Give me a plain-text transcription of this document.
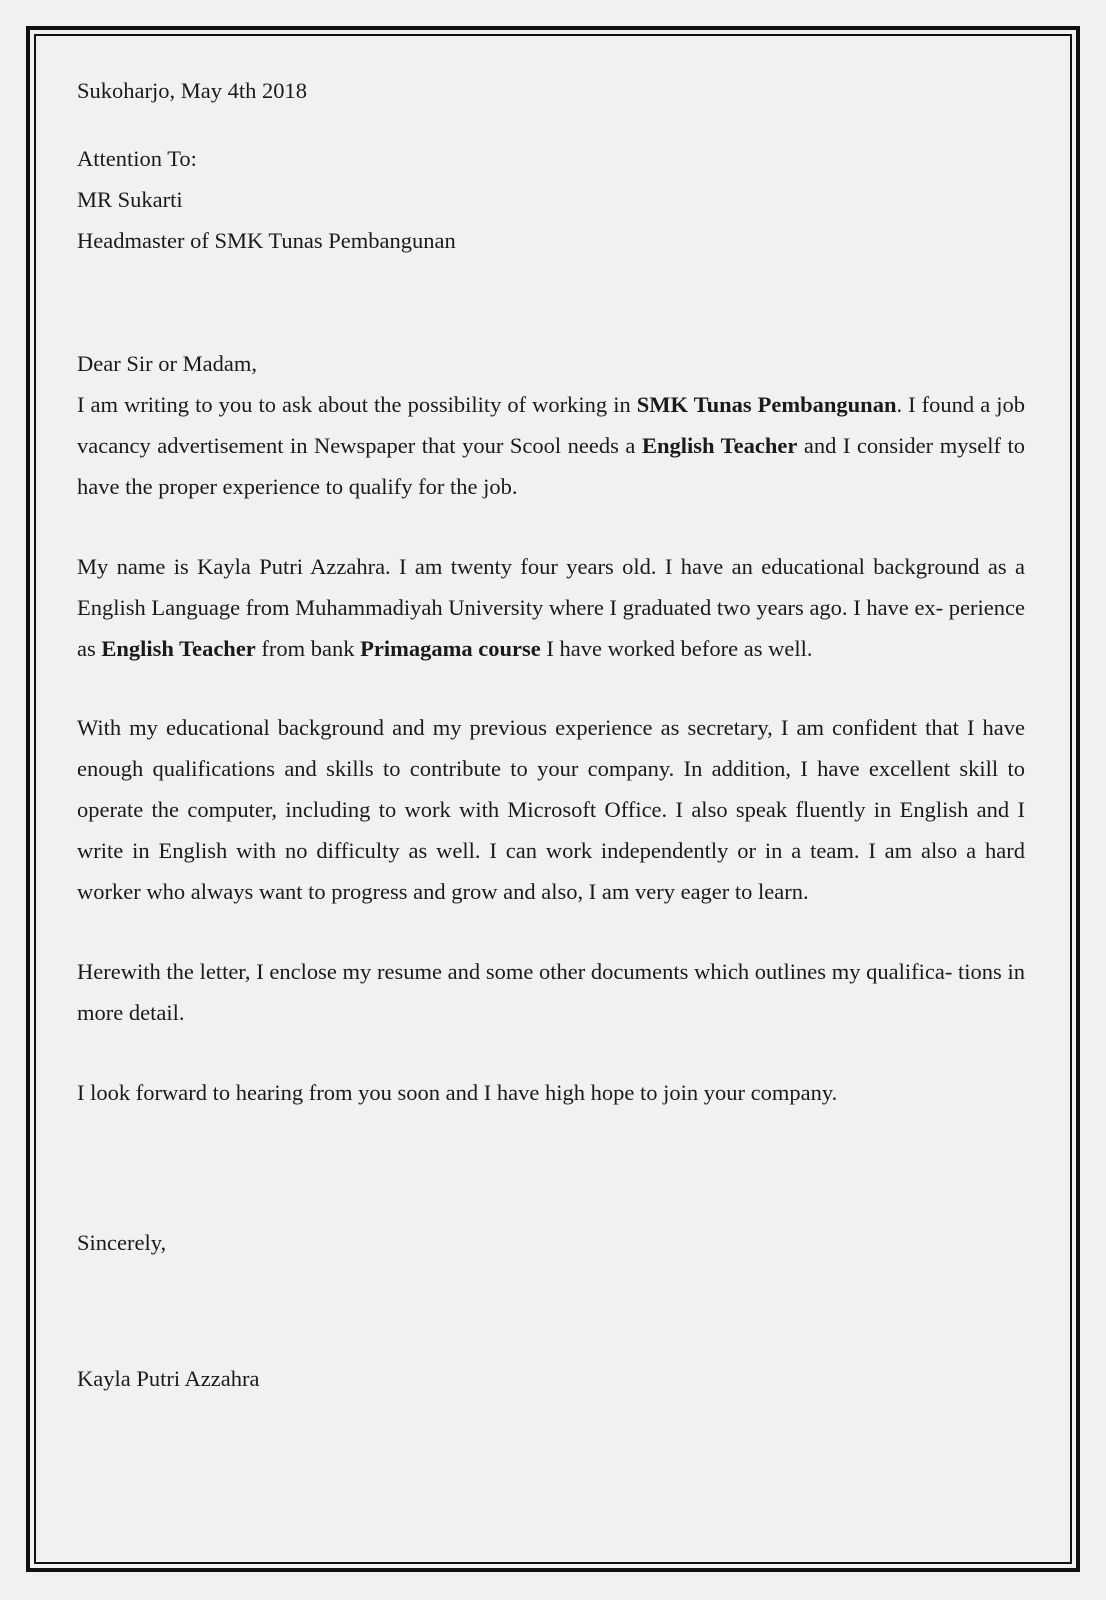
Sukoharjo, May 4th 2018
Attention To:
MR Sukarti
Headmaster of SMK Tunas Pembangunan
Dear Sir or Madam,
I am writing to you to ask about the possibility of working in SMK Tunas Pembangunan. I found a job vacancy advertisement in Newspaper that your Scool needs a English Teacher and I consider myself to have the proper experience to qualify for the job.
My name is Kayla Putri Azzahra. I am twenty four years old. I have an educational background as a English Language from Muhammadiyah University where I graduated two years ago. I have ex- perience as English Teacher from bank Primagama course I have worked before as well.
With my educational background and my previous experience as secretary, I am confident that I have enough qualifications and skills to contribute to your company. In addition, I have excellent skill to operate the computer, including to work with Microsoft Office. I also speak fluently in English and I write in English with no difficulty as well. I can work independently or in a team. I am also a hard worker who always want to progress and grow and also, I am very eager to learn.
Herewith the letter, I enclose my resume and some other documents which outlines my qualifica- tions in more detail.
I look forward to hearing from you soon and I have high hope to join your company.
Sincerely,
Kayla Putri Azzahra
